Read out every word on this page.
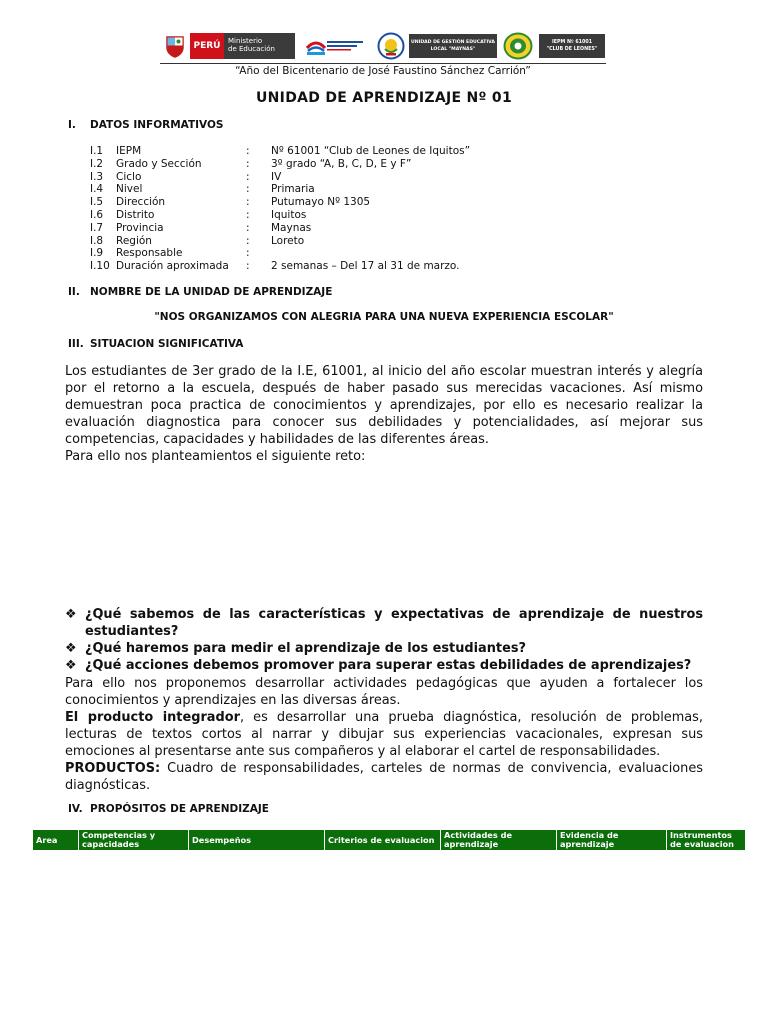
PERÚ	Ministerio
de Educación
UNIDAD DE GESTIÓN EDUCATIVA
LOCAL "MAYNAS"
IEPM Nº 61001
"CLUB DE LEONES"
“Año del Bicentenario de José Faustino Sánchez Carrión”
UNIDAD DE APRENDIZAJE Nº 01
I.	DATOS INFORMATIVOS
I.1	IEPM	:	Nº 61001 “Club de Leones de Iquitos”
I.2	Grado y Sección	:	3º grado “A, B, C, D, E y F”
I.3	Ciclo	:	IV
I.4	Nivel	:	Primaria
I.5	Dirección	:	Putumayo Nº 1305
I.6	Distrito	:	Iquitos
I.7	Provincia	:	Maynas
I.8	Región	:	Loreto
I.9	Responsable	:
I.10 Duración aproximada	:	2 semanas – Del 17 al 31 de marzo.
II. NOMBRE DE LA UNIDAD DE APRENDIZAJE
"NOS ORGANIZAMOS CON ALEGRIA PARA UNA NUEVA EXPERIENCIA ESCOLAR"
III. SITUACION SIGNIFICATIVA
Los estudiantes de 3er grado de la I.E, 61001, al inicio del año escolar muestran interés y alegría por el retorno a la escuela, después de haber pasado sus merecidas vacaciones. Así mismo demuestran poca practica de conocimientos y aprendizajes, por ello es necesario realizar la evaluación diagnostica para conocer sus debilidades y potencialidades, así mejorar sus competencias, capacidades y habilidades de las diferentes áreas.
Para ello nos planteamientos el siguiente reto:
❖ ¿Qué sabemos de las características y expectativas de aprendizaje de nuestros estudiantes?
❖ ¿Qué haremos para medir el aprendizaje de los estudiantes?
❖ ¿Qué acciones debemos promover para superar estas debilidades de aprendizajes?
Para ello nos proponemos desarrollar actividades pedagógicas que ayuden a fortalecer los conocimientos y aprendizajes en las diversas áreas.
El producto integrador, es desarrollar una prueba diagnóstica, resolución de problemas, lecturas de textos cortos al narrar y dibujar sus experiencias vacacionales, expresan sus emociones al presentarse ante sus compañeros y al elaborar el cartel de responsabilidades.
PRODUCTOS: Cuadro de responsabilidades, carteles de normas de convivencia, evaluaciones diagnósticas.
IV. PROPÓSITOS DE APRENDIZAJE
Area	Competencias y capacidades	Desempeños	Criterios de evaluacion	Actividades de aprendizaje	Evidencia de aprendizaje	Instrumentos de evaluacion
